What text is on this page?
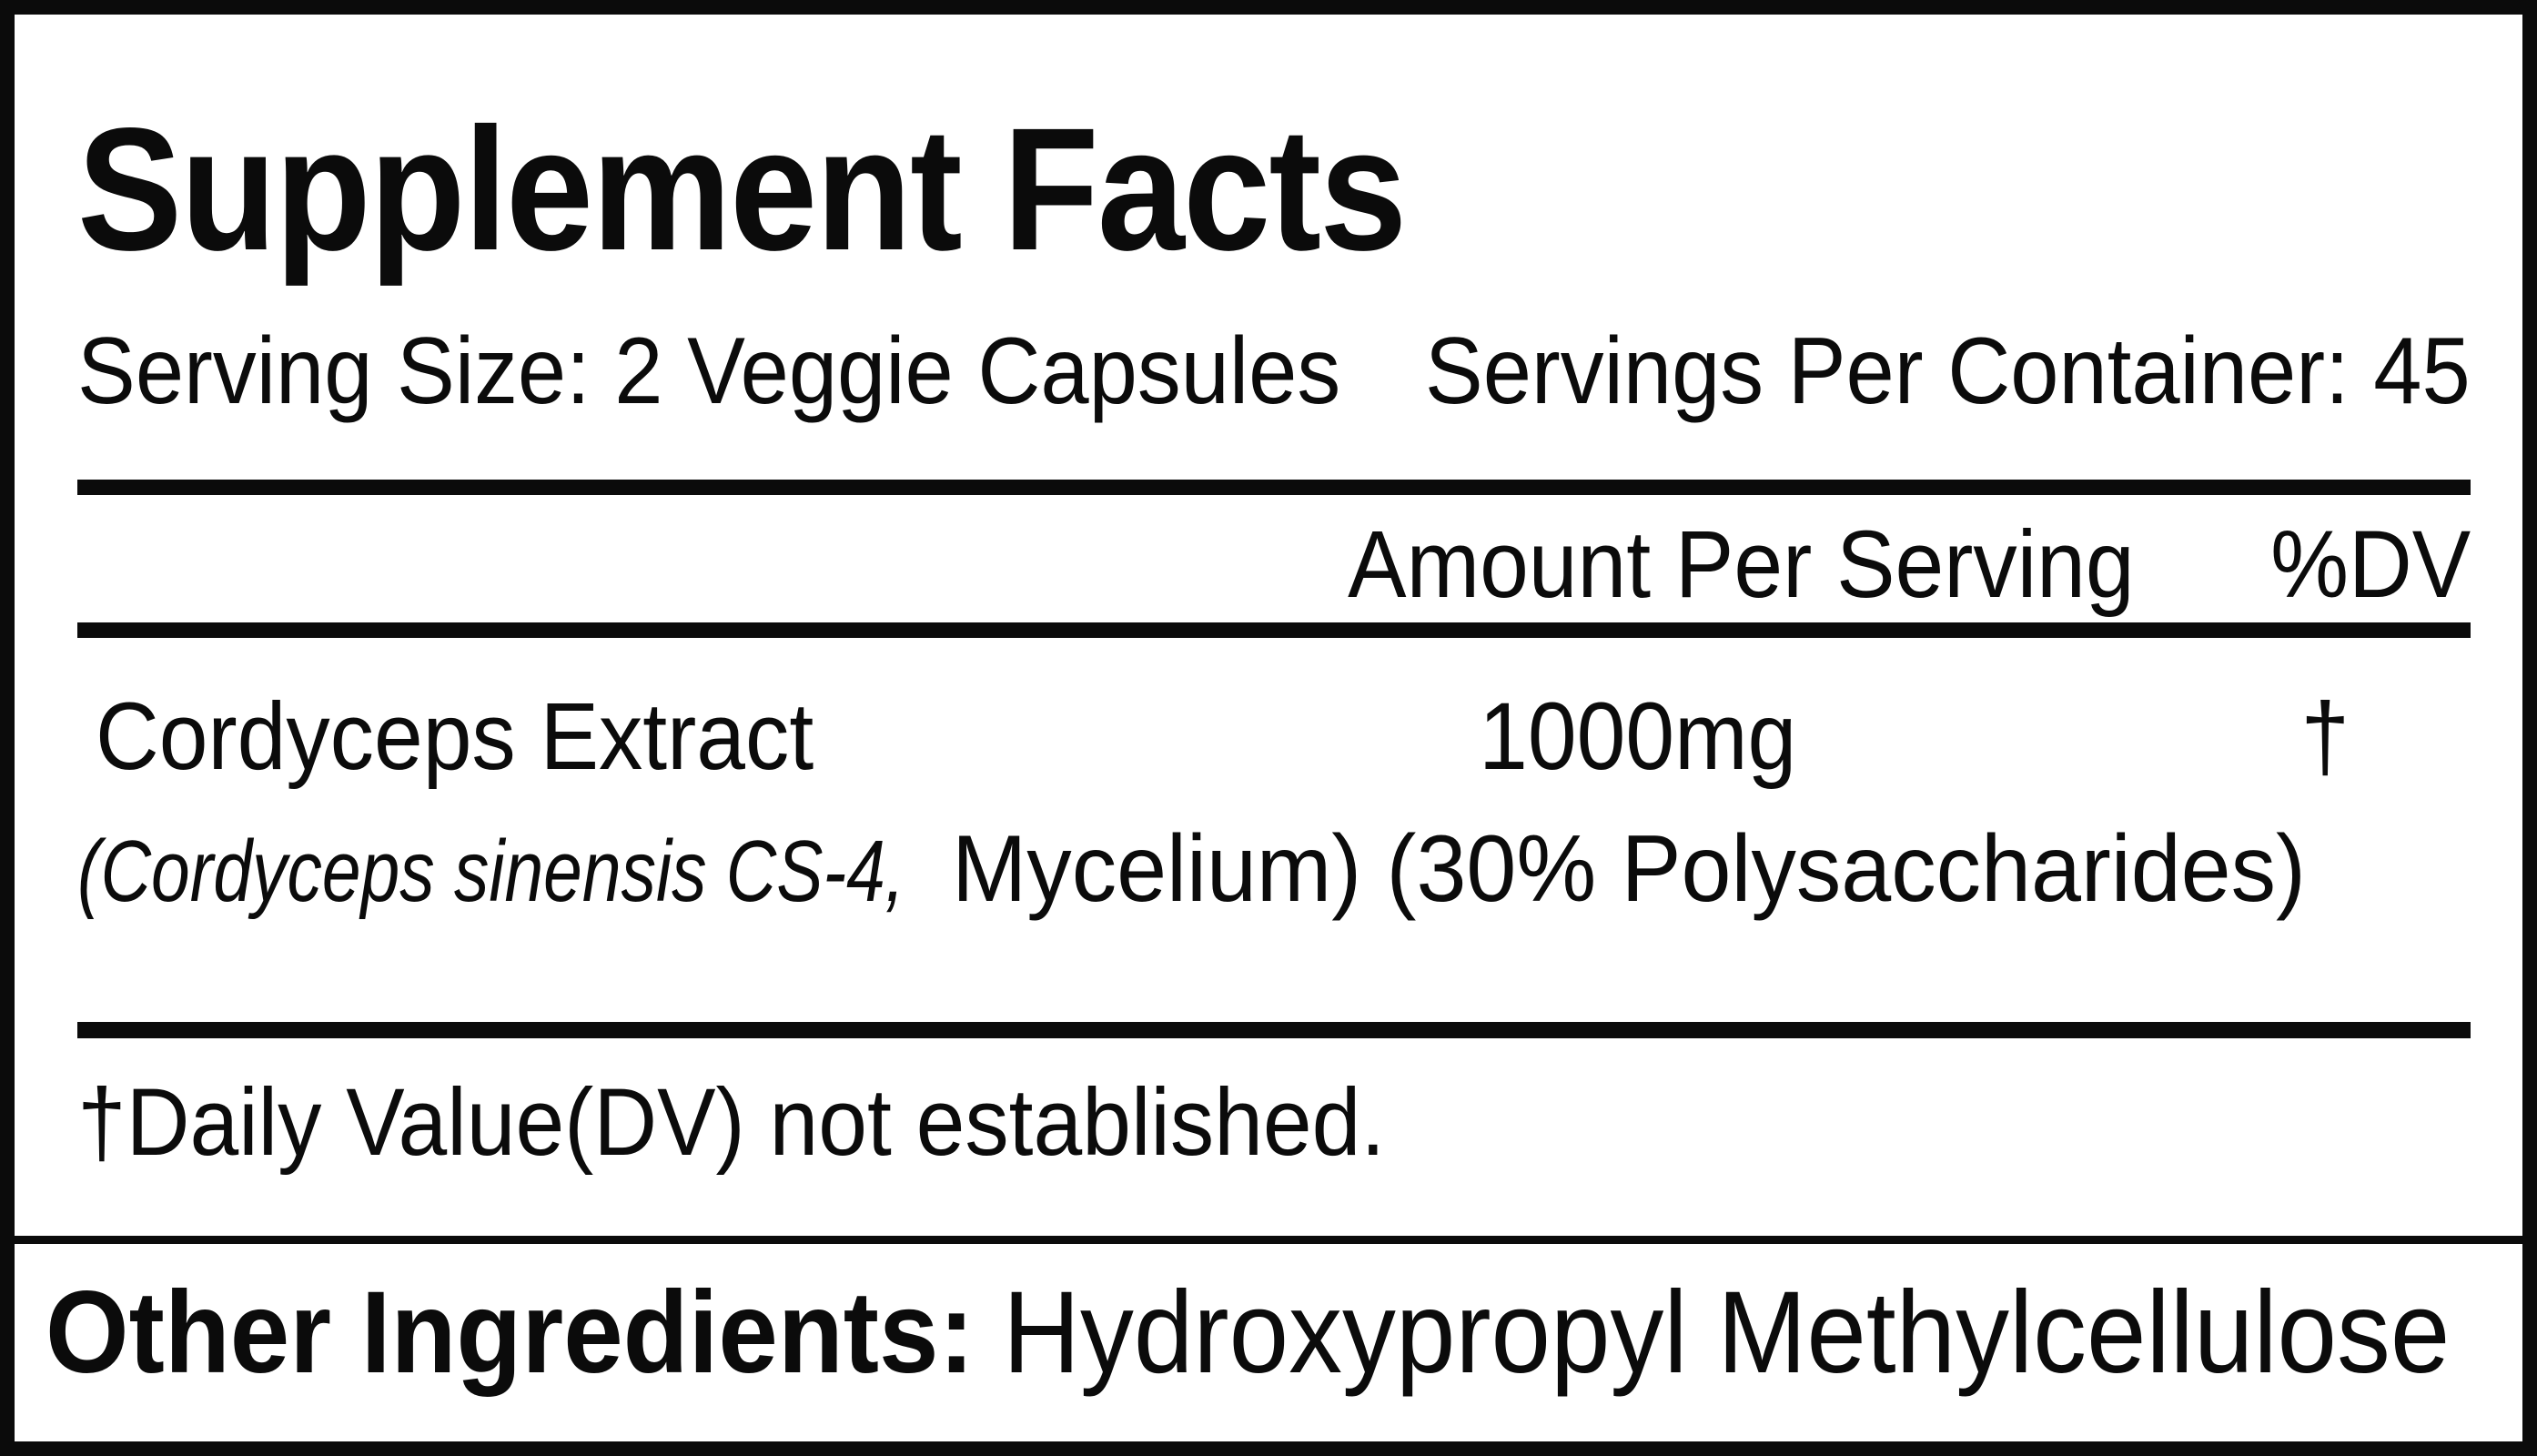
Supplement Facts
Serving Size: 2 Veggie Capsules Servings Per Container: 45
Amount Per Serving %DV
Cordyceps Extract	1000mg	†
(Cordyceps sinensis CS-4, Mycelium) (30% Polysaccharides)
†Daily Value(DV) not established.
Other Ingredients: Hydroxypropyl Methylcellulose
